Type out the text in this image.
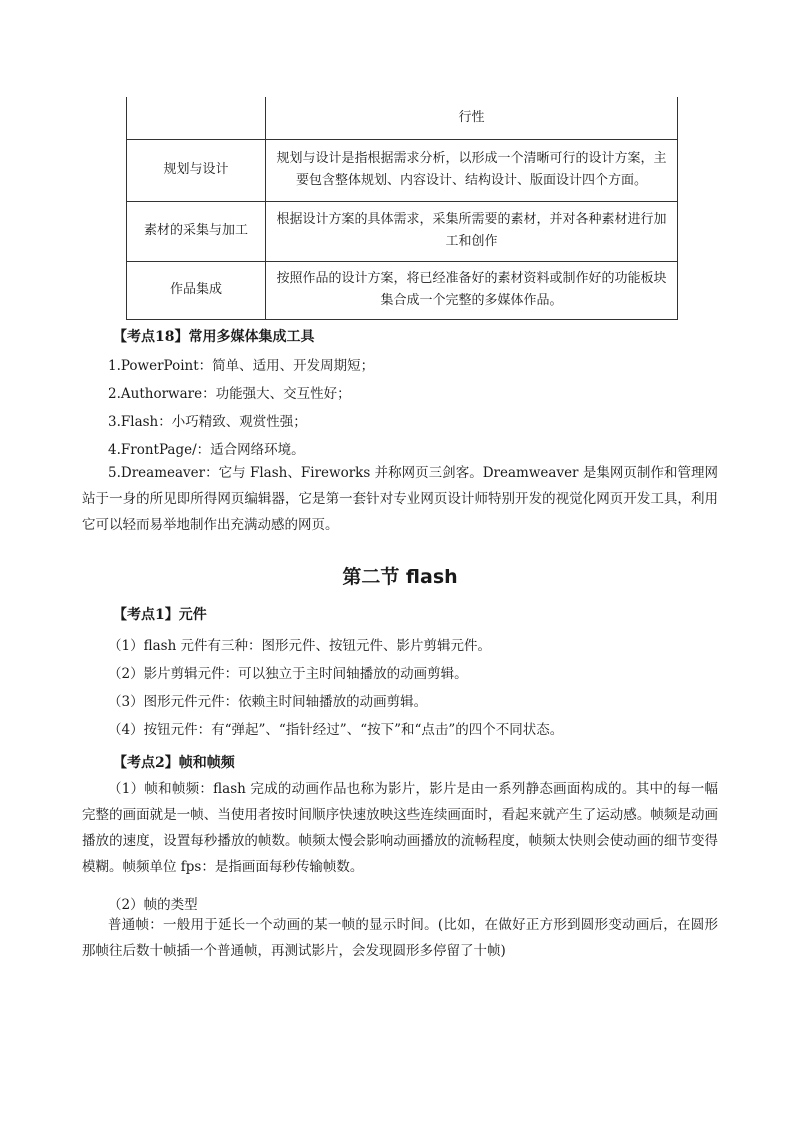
	行性
规划与设计	规划与设计是指根据需求分析，以形成一个清晰可行的设计方案，主要包含整体规划、内容设计、结构设计、版面设计四个方面。
素材的采集与加工	根据设计方案的具体需求，采集所需要的素材，并对各种素材进行加工和创作
作品集成	按照作品的设计方案，将已经准备好的素材资料或制作好的功能板块集合成一个完整的多媒体作品。
【考点18】常用多媒体集成工具
1.PowerPoint：简单、适用、开发周期短；
2.Authorware：功能强大、交互性好；
3.Flash：小巧精致、观赏性强；
4.FrontPage/：适合网络环境。
5.Dreameaver：它与 Flash、Fireworks 并称网页三剑客。Dreamweaver 是集网页制作和管理网站于一身的所见即所得网页编辑器，它是第一套针对专业网页设计师特别开发的视觉化网页开发工具，利用它可以轻而易举地制作出充满动感的网页。
第二节 flash
【考点1】元件
（1）flash 元件有三种：图形元件、按钮元件、影片剪辑元件。
（2）影片剪辑元件：可以独立于主时间轴播放的动画剪辑。
（3）图形元件元件：依赖主时间轴播放的动画剪辑。
（4）按钮元件：有“弹起”、“指针经过”、“按下”和“点击”的四个不同状态。
【考点2】帧和帧频
（1）帧和帧频：flash 完成的动画作品也称为影片，影片是由一系列静态画面构成的。其中的每一幅完整的画面就是一帧、当使用者按时间顺序快速放映这些连续画面时，看起来就产生了运动感。帧频是动画播放的速度，设置每秒播放的帧数。帧频太慢会影响动画播放的流畅程度，帧频太快则会使动画的细节变得模糊。帧频单位 fps：是指画面每秒传输帧数。
（2）帧的类型
普通帧：一般用于延长一个动画的某一帧的显示时间。(比如，在做好正方形到圆形变动画后，在圆形那帧往后数十帧插一个普通帧，再测试影片，会发现圆形多停留了十帧)
